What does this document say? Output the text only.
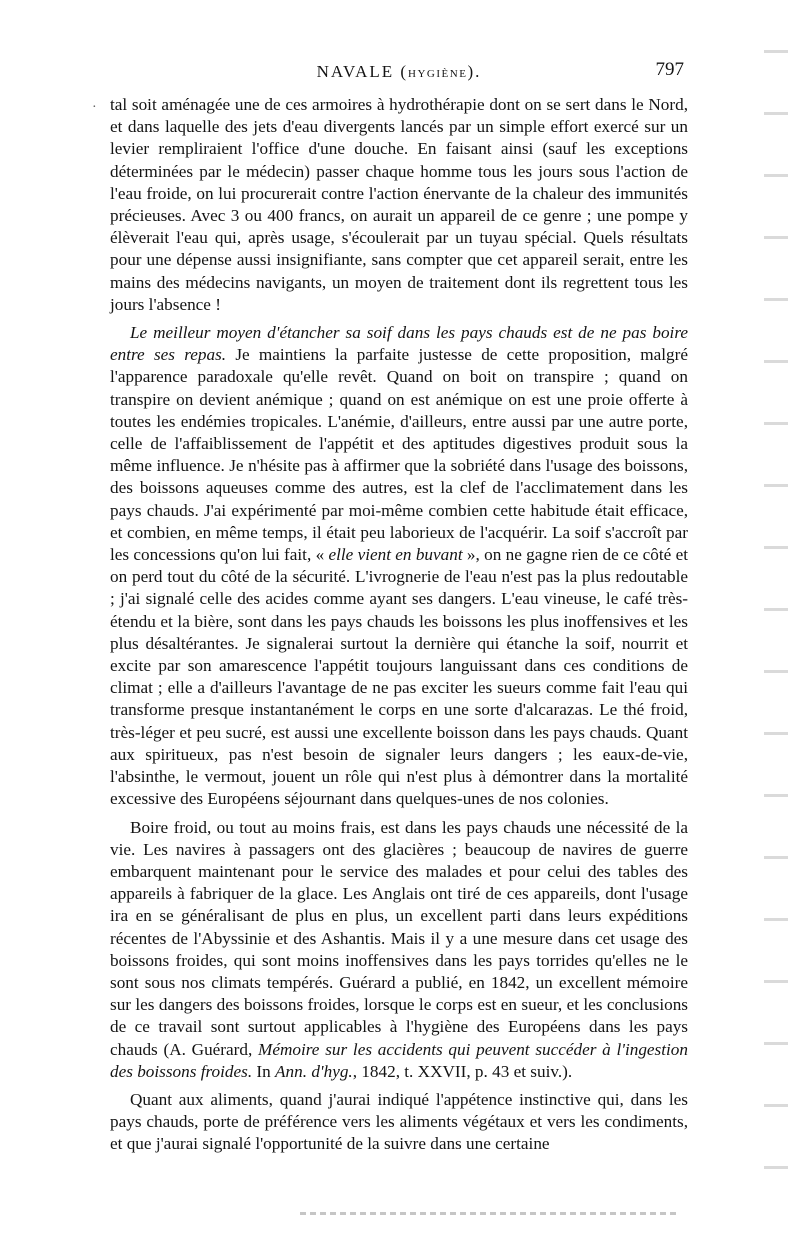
NAVALE (HYGIÈNE).	797
· tal soit aménagée une de ces armoires à hydrothérapie dont on se sert dans le Nord, et dans laquelle des jets d'eau divergents lancés par un simple effort exercé sur un levier rempliraient l'office d'une douche. En faisant ainsi (sauf les exceptions déterminées par le médecin) passer chaque homme tous les jours sous l'action de l'eau froide, on lui procurerait contre l'action énervante de la chaleur des immunités précieuses. Avec 3 ou 400 francs, on aurait un appareil de ce genre ; une pompe y élèverait l'eau qui, après usage, s'écoulerait par un tuyau spécial. Quels résultats pour une dépense aussi insignifiante, sans compter que cet appareil serait, entre les mains des médecins navigants, un moyen de traitement dont ils regrettent tous les jours l'absence !

Le meilleur moyen d'étancher sa soif dans les pays chauds est de ne pas boire entre ses repas. Je maintiens la parfaite justesse de cette proposition, malgré l'apparence paradoxale qu'elle revêt. Quand on boit on transpire ; quand on transpire on devient anémique ; quand on est anémique on est une proie offerte à toutes les endémies tropicales. L'anémie, d'ailleurs, entre aussi par une autre porte, celle de l'affaiblissement de l'appétit et des aptitudes digestives produit sous la même influence. Je n'hésite pas à affirmer que la sobriété dans l'usage des boissons, des boissons aqueuses comme des autres, est la clef de l'acclimatement dans les pays chauds. J'ai expérimenté par moi-même combien cette habitude était efficace, et combien, en même temps, il était peu laborieux de l'acquérir. La soif s'accroît par les concessions qu'on lui fait, « elle vient en buvant », on ne gagne rien de ce côté et on perd tout du côté de la sécurité. L'ivrognerie de l'eau n'est pas la plus redoutable ; j'ai signalé celle des acides comme ayant ses dangers. L'eau vineuse, le café très-étendu et la bière, sont dans les pays chauds les boissons les plus inoffensives et les plus désaltérantes. Je signalerai surtout la dernière qui étanche la soif, nourrit et excite par son amarescence l'appétit toujours languissant dans ces conditions de climat ; elle a d'ailleurs l'avantage de ne pas exciter les sueurs comme fait l'eau qui transforme presque instantanément le corps en une sorte d'alcarazas. Le thé froid, très-léger et peu sucré, est aussi une excellente boisson dans les pays chauds. Quant aux spiritueux, pas n'est besoin de signaler leurs dangers ; les eaux-de-vie, l'absinthe, le vermout, jouent un rôle qui n'est plus à démontrer dans la mortalité excessive des Européens séjournant dans quelques-unes de nos colonies.

Boire froid, ou tout au moins frais, est dans les pays chauds une nécessité de la vie. Les navires à passagers ont des glacières ; beaucoup de navires de guerre embarquent maintenant pour le service des malades et pour celui des tables des appareils à fabriquer de la glace. Les Anglais ont tiré de ces appareils, dont l'usage ira en se généralisant de plus en plus, un excellent parti dans leurs expéditions récentes de l'Abyssinie et des Ashantis. Mais il y a une mesure dans cet usage des boissons froides, qui sont moins inoffensives dans les pays torrides qu'elles ne le sont sous nos climats tempérés. Guérard a publié, en 1842, un excellent mémoire sur les dangers des boissons froides, lorsque le corps est en sueur, et les conclusions de ce travail sont surtout applicables à l'hygiène des Européens dans les pays chauds (A. Guérard, Mémoire sur les accidents qui peuvent succéder à l'ingestion des boissons froides. In Ann. d'hyg., 1842, t. XXVII, p. 43 et suiv.).

Quant aux aliments, quand j'aurai indiqué l'appétence instinctive qui, dans les pays chauds, porte de préférence vers les aliments végétaux et vers les condiments, et que j'aurai signalé l'opportunité de la suivre dans une certaine
